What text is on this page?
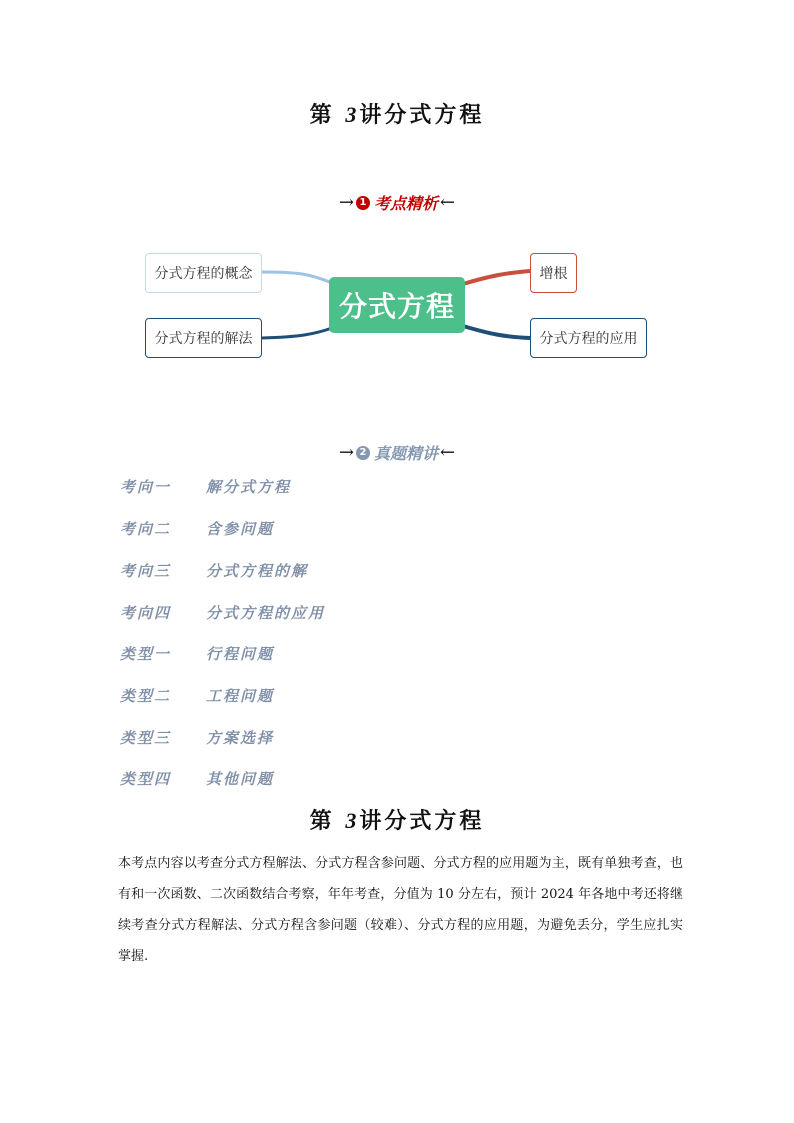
第 3讲分式方程
→ 1 考点精析 ←
分式方程的概念
分式方程的解法
增根
分式方程的应用
分式方程
→ 2 真题精讲 ←
考向一 解分式方程
考向二 含参问题
考向三 分式方程的解
考向四 分式方程的应用
类型一 行程问题
类型二 工程问题
类型三 方案选择
类型四 其他问题
第 3讲分式方程
本考点内容以考查分式方程解法、分式方程含参问题、分式方程的应用题为主，既有单独考查，也有和一次函数、二次函数结合考察，年年考查，分值为 10 分左右，预计 2024 年各地中考还将继续考查分式方程解法、分式方程含参问题（较难）、分式方程的应用题，为避免丢分，学生应扎实掌握.
